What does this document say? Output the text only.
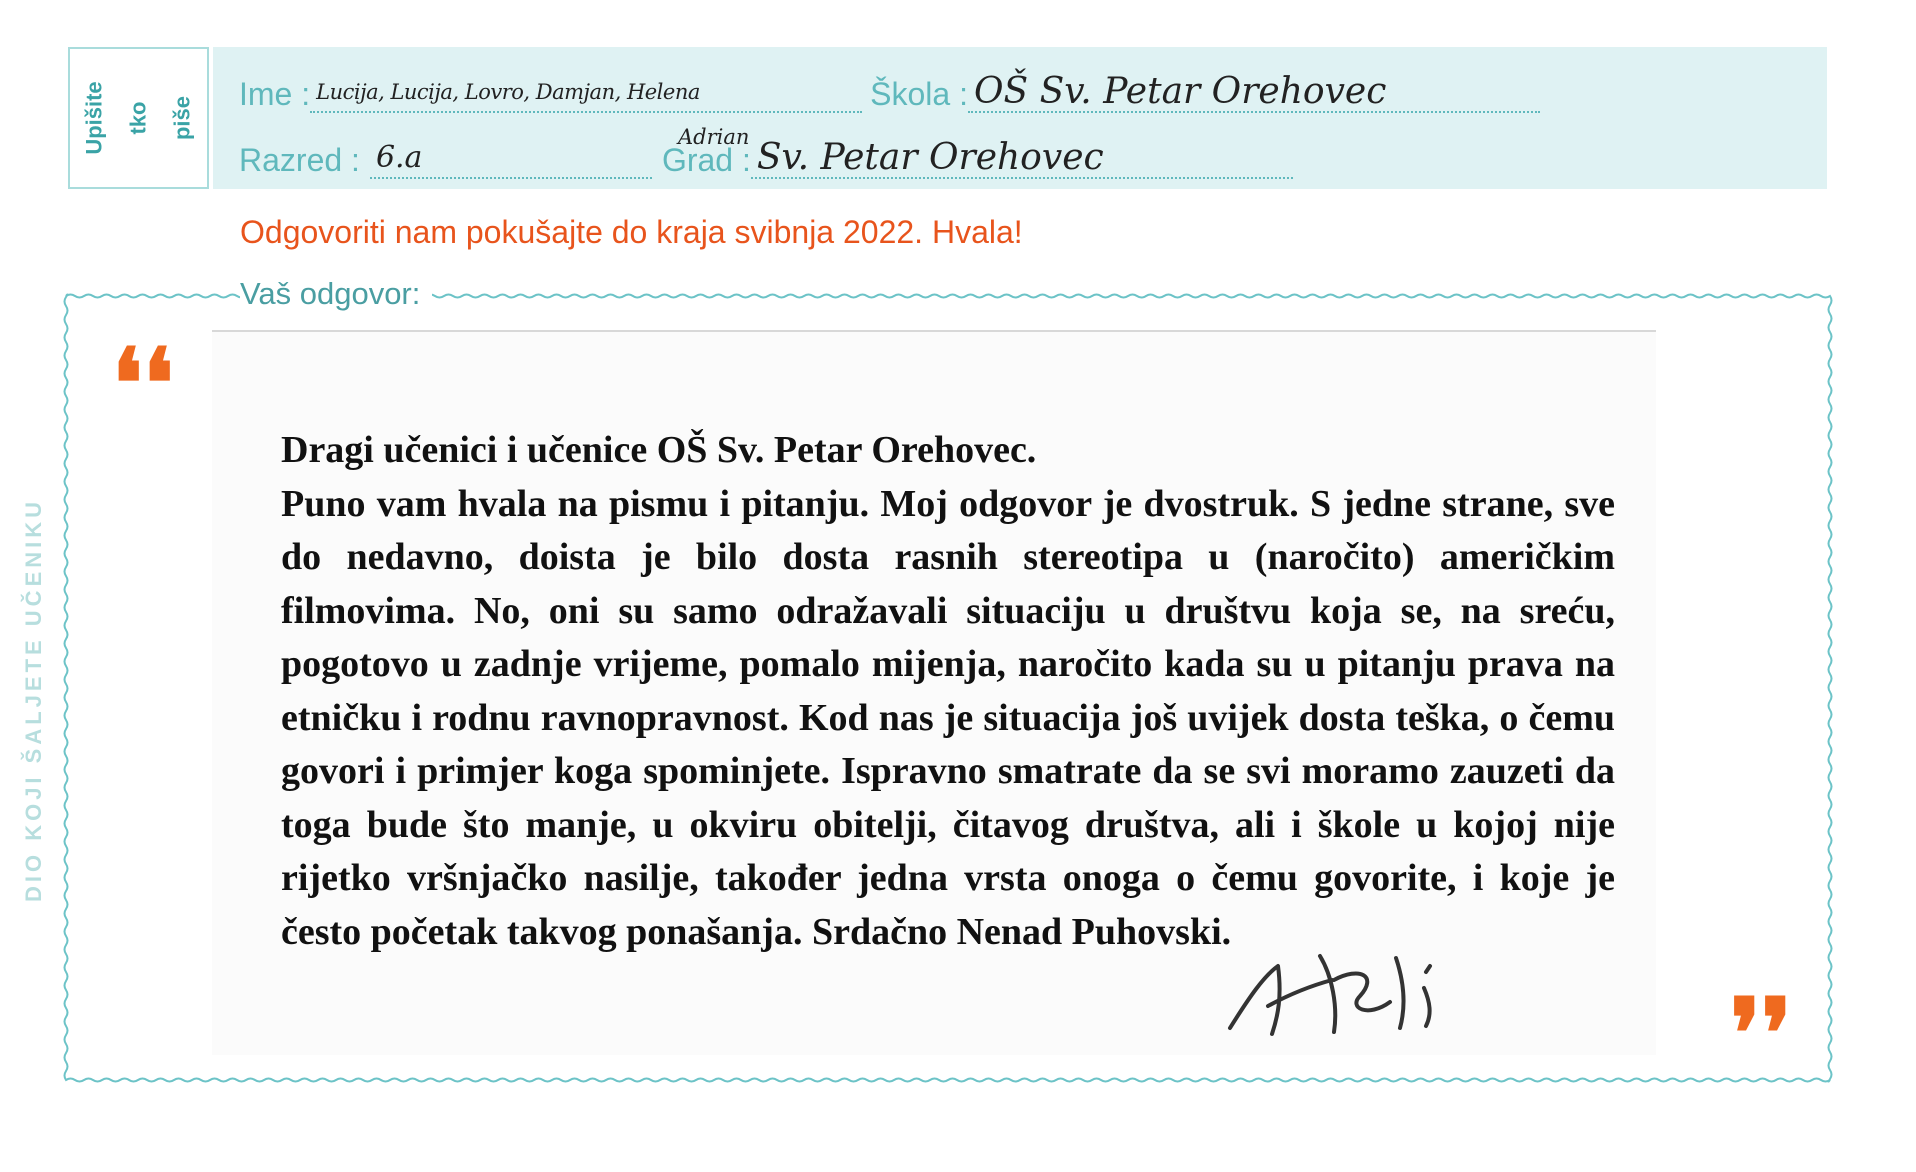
DIO KOJI ŠALJETE UČENIKU
Upišite tko piše
Ime : Lucija, Lucija, Lovro, Damjan, Helena	Škola : OŠ Sv. Petar Orehovec
Adrian
Razred : 6.a	Grad : Sv. Petar Orehovec
Odgovoriti nam pokušajte do kraja svibnja 2022. Hvala!
Vaš odgovor:
❛❛
Dragi učenici i učenice OŠ Sv. Petar Orehovec.
Puno vam hvala na pismu i pitanju. Moj odgovor je dvostruk. S jedne strane, sve do nedavno, doista je bilo dosta rasnih stereotipa u (naročito) američkim filmovima. No, oni su samo odražavali situaciju u društvu koja se, na sreću, pogotovo u zadnje vrijeme, pomalo mijenja, naročito kada su u pitanju prava na etničku i rodnu ravnopravnost. Kod nas je situacija još uvijek dosta teška, o čemu govori i primjer koga spominjete. Ispravno smatrate da se svi moramo zauzeti da toga bude što manje, u okviru obitelji, čitavog društva, ali i škole u kojoj nije rijetko vršnjačko nasilje, također jedna vrsta onoga o čemu govorite, i koje je često početak takvog ponašanja. Srdačno Nenad Puhovski.
❜❜
